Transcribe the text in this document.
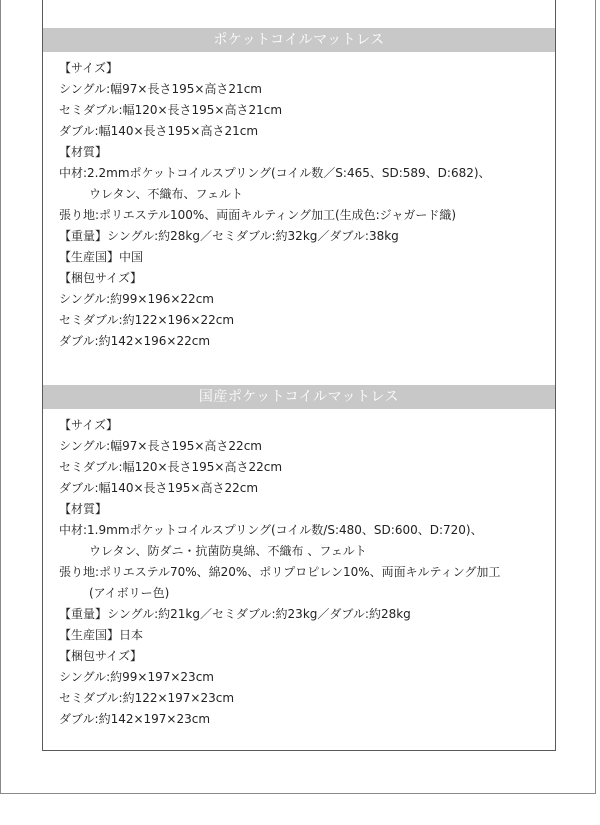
ポケットコイルマットレス
【サイズ】
シングル:幅97×長さ195×高さ21cm
セミダブル:幅120×長さ195×高さ21cm
ダブル:幅140×長さ195×高さ21cm
【材質】
中材:2.2mmポケットコイルスプリング(コイル数／S:465、SD:589、D:682)、
ウレタン、不織布、フェルト
張り地:ポリエステル100%、両面キルティング加工(生成色:ジャガード織)
【重量】シングル:約28kg／セミダブル:約32kg／ダブル:38kg
【生産国】中国
【梱包サイズ】
シングル:約99×196×22cm
セミダブル:約122×196×22cm
ダブル:約142×196×22cm
国産ポケットコイルマットレス
【サイズ】
シングル:幅97×長さ195×高さ22cm
セミダブル:幅120×長さ195×高さ22cm
ダブル:幅140×長さ195×高さ22cm
【材質】
中材:1.9mmポケットコイルスプリング(コイル数/S:480、SD:600、D:720)、
ウレタン、防ダニ・抗菌防臭綿、不織布 、フェルト
張り地:ポリエステル70%、綿20%、ポリプロピレン10%、両面キルティング加工
(アイボリー色)
【重量】シングル:約21kg／セミダブル:約23kg／ダブル:約28kg
【生産国】日本
【梱包サイズ】
シングル:約99×197×23cm
セミダブル:約122×197×23cm
ダブル:約142×197×23cm
